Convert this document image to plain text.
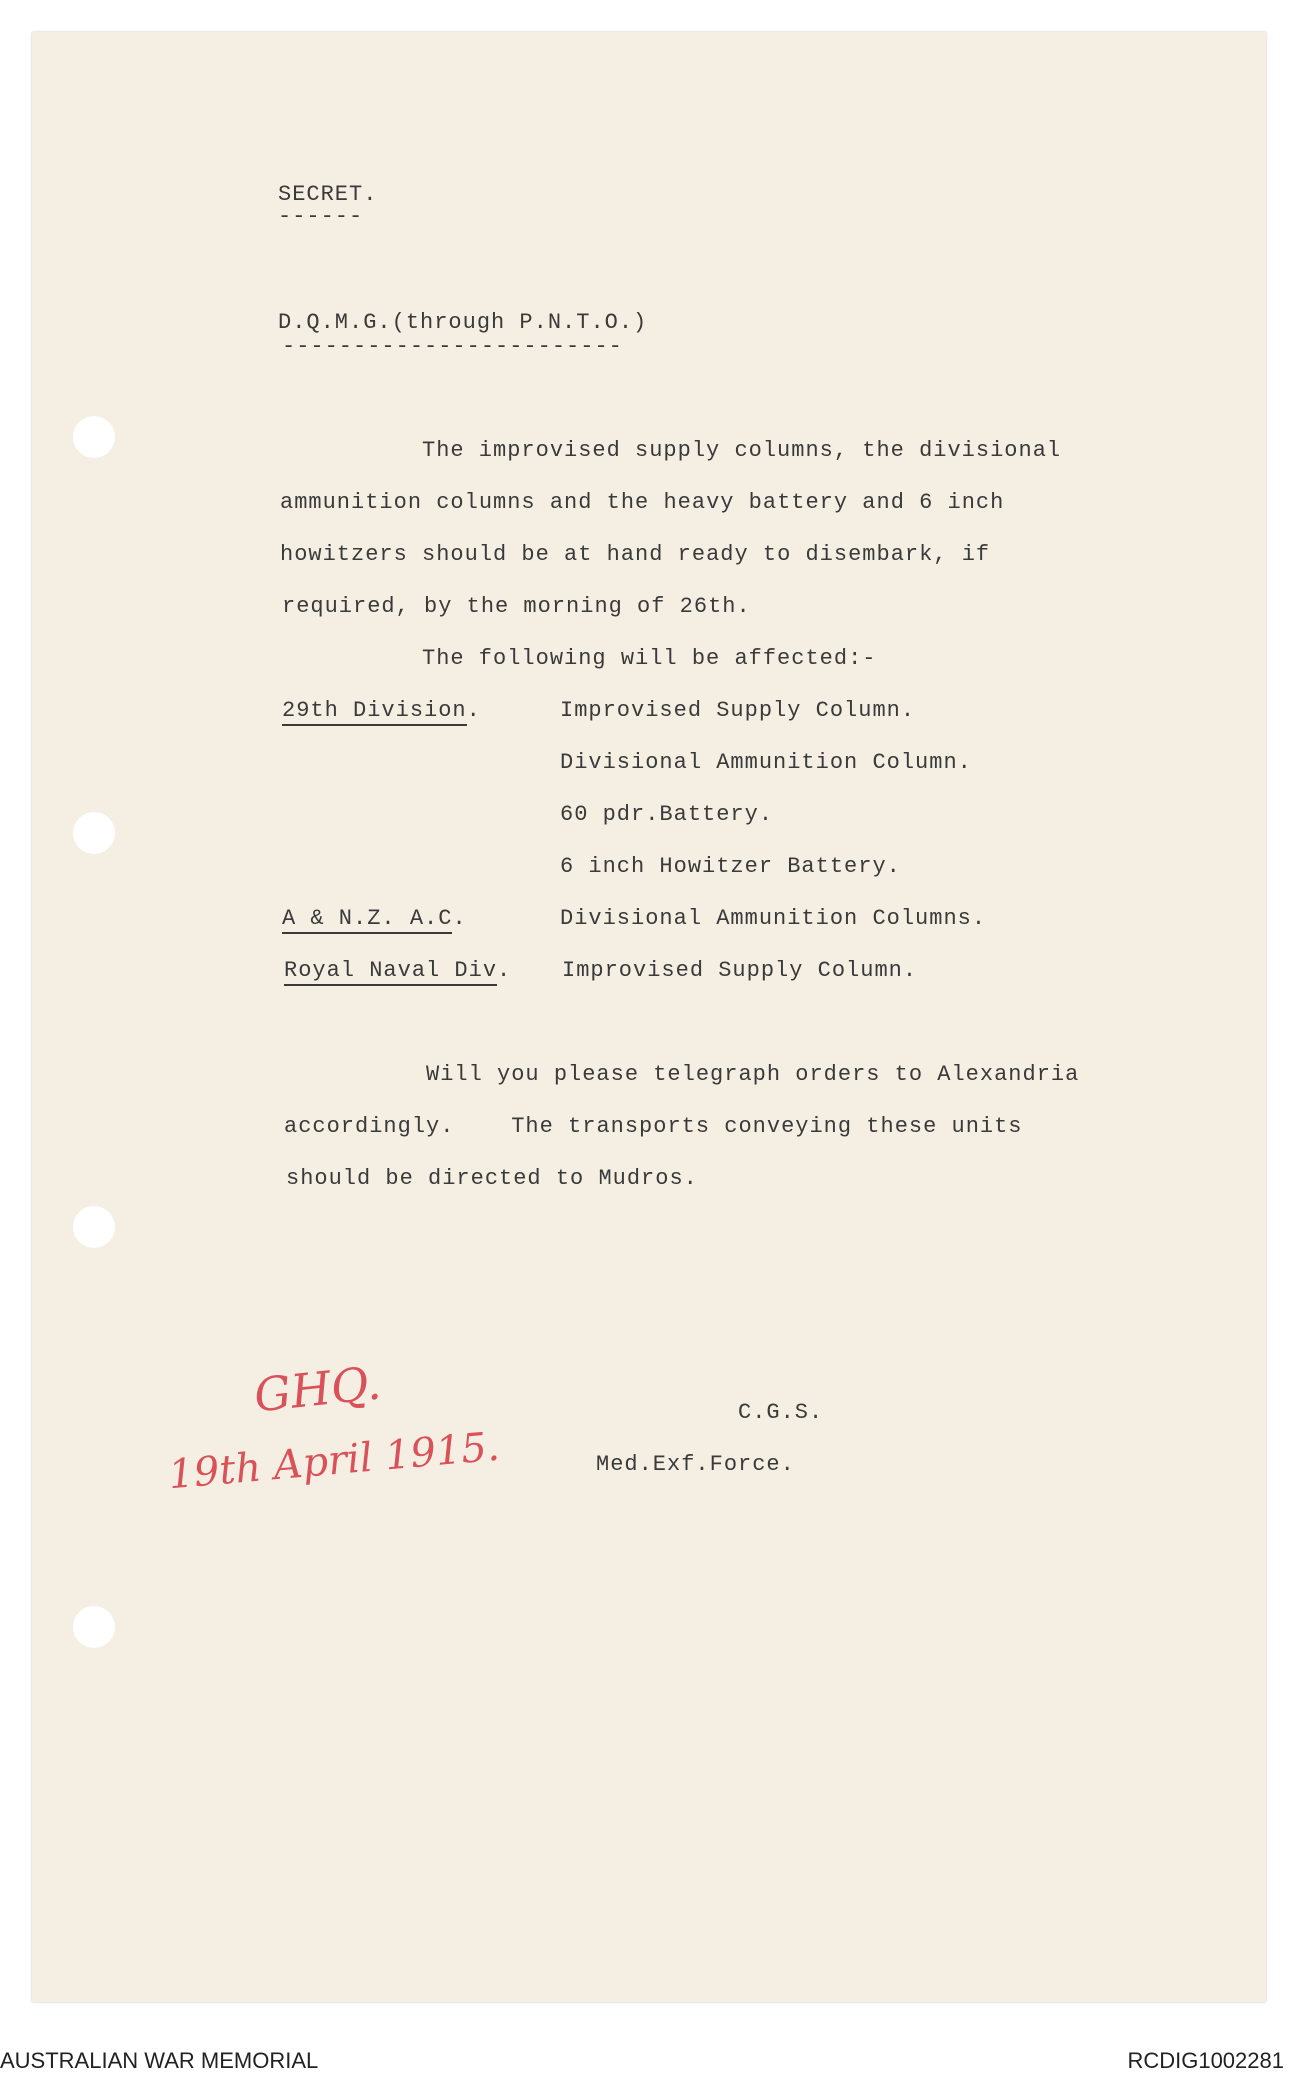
SECRET.
------
D.Q.M.G.(through P.N.T.O.)
------------------------
The improvised supply columns, the divisional
ammunition columns and the heavy battery and 6 inch
howitzers should be at hand ready to disembark, if
required, by the morning of 26th.
The following will be affected:-
29th Division.	Improvised Supply Column.
Divisional Ammunition Column.
60 pdr.Battery.
6 inch Howitzer Battery.
A & N.Z. A.C.	Divisional Ammunition Columns.
Royal Naval Div. Improvised Supply Column.
Will you please telegraph orders to Alexandria
accordingly.    The transports conveying these units
should be directed to Mudros.
GHQ.
19th April 1915.
C.G.S.
Med.Exf.Force.
AUSTRALIAN WAR MEMORIAL	RCDIG1002281
